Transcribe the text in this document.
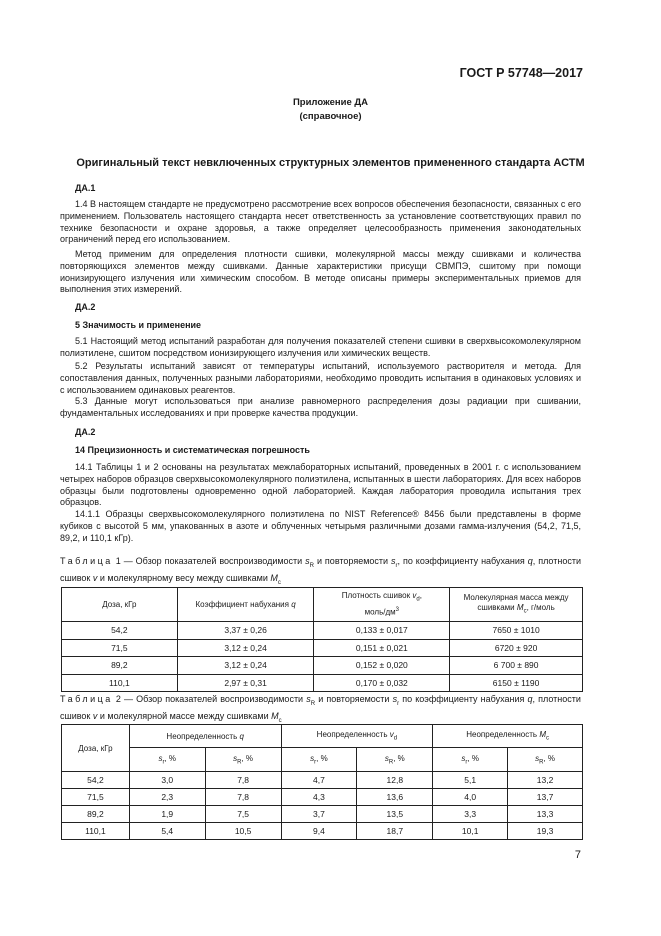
ГОСТ Р 57748—2017
Приложение ДА
(справочное)
Оригинальный текст невключенных структурных элементов примененного стандарта АСТМ
ДА.1

1.4 В настоящем стандарте не предусмотрено рассмотрение всех вопросов обеспечения безопасности, связанных с его применением. Пользователь настоящего стандарта несет ответственность за установление соответствующих правил по технике безопасности и охране здоровья, а также определяет целесообразность применения законодательных ограничений перед его использованием.

Метод применим для определения плотности сшивки, молекулярной массы между сшивками и количества повторяющихся элементов между сшивками. Данные характеристики присущи СВМПЭ, сшитому при помощи ионизирующего излучения или химическим способом. В методе описаны примеры экспериментальных приемов для выполнения этих измерений.

ДА.2
5 Значимость и применение

5.1 Настоящий метод испытаний разработан для получения показателей степени сшивки в сверхвысокомолекулярном полиэтилене, сшитом посредством ионизирующего излучения или химических веществ.

5.2 Результаты испытаний зависят от температуры испытаний, используемого растворителя и метода. Для сопоставления данных, полученных разными лабораториями, необходимо проводить испытания в одинаковых условиях и с использованием одинаковых реагентов.

5.3 Данные могут использоваться при анализе равномерного распределения дозы радиации при сшивании, фундаментальных исследованиях и при проверке качества продукции.

ДА.2
14 Прецизионность и систематическая погрешность

14.1 Таблицы 1 и 2 основаны на результатах межлабораторных испытаний, проведенных в 2001 г. с использованием четырех наборов образцов сверхвысокомолекулярного полиэтилена, испытанных в шести лабораториях. Для всех наборов образцы были подготовлены одновременно одной лабораторией. Каждая лаборатория проводила испытания трех образцов.

14.1.1 Образцы сверхвысокомолекулярного полиэтилена по NIST Reference® 8456 были представлены в форме кубиков с высотой 5 мм, упакованных в азоте и облученных четырьмя различными дозами гамма-излучения (54,2, 71,5, 89,2, и 110,1 кГр).

Таблица 1 — Обзор показателей воспроизводимости $s_R$ и повторяемости $s_r$, по коэффициенту набухания q, плотности сшивок v и молекулярному весу между сшивками $M_c$
Доза, кГр	Коэффициент набухания q	Плотность сшивок $v_d$,
моль/$дм^3$	Молекулярная масса между
сшивками $M_c$, г/моль
54,2	3,37 ± 0,26	0,133 ± 0,017	7650 ± 1010
71,5	3,12 ± 0,24	0,151 ± 0,021	6720 ± 920
89,2	3,12 ± 0,24	0,152 ± 0,020	6 700 ± 890
110,1	2,97 ± 0,31	0,170 ± 0,032	6150 ± 1190
Таблица 2 — Обзор показателей воспроизводимости $s_R$ и повторяемости $s_r$ по коэффициенту набухания q, плотности сшивок v и молекулярной массе между сшивками $M_c$
Доза, кГр	Неопределенность q		Неопределенность $v_d$		Неопределенность $M_c$
	$s_r$, %	$s_R$, %	$s_r$, %	$s_R$, %	$s_r$, %	$s_R$, %
54,2	3,0	7,8	4,7	12,8	5,1	13,2
71,5	2,3	7,8	4,3	13,6	4,0	13,7
89,2	1,9	7,5	3,7	13,5	3,3	13,3
110,1	5,4	10,5	9,4	18,7	10,1	19,3
7
